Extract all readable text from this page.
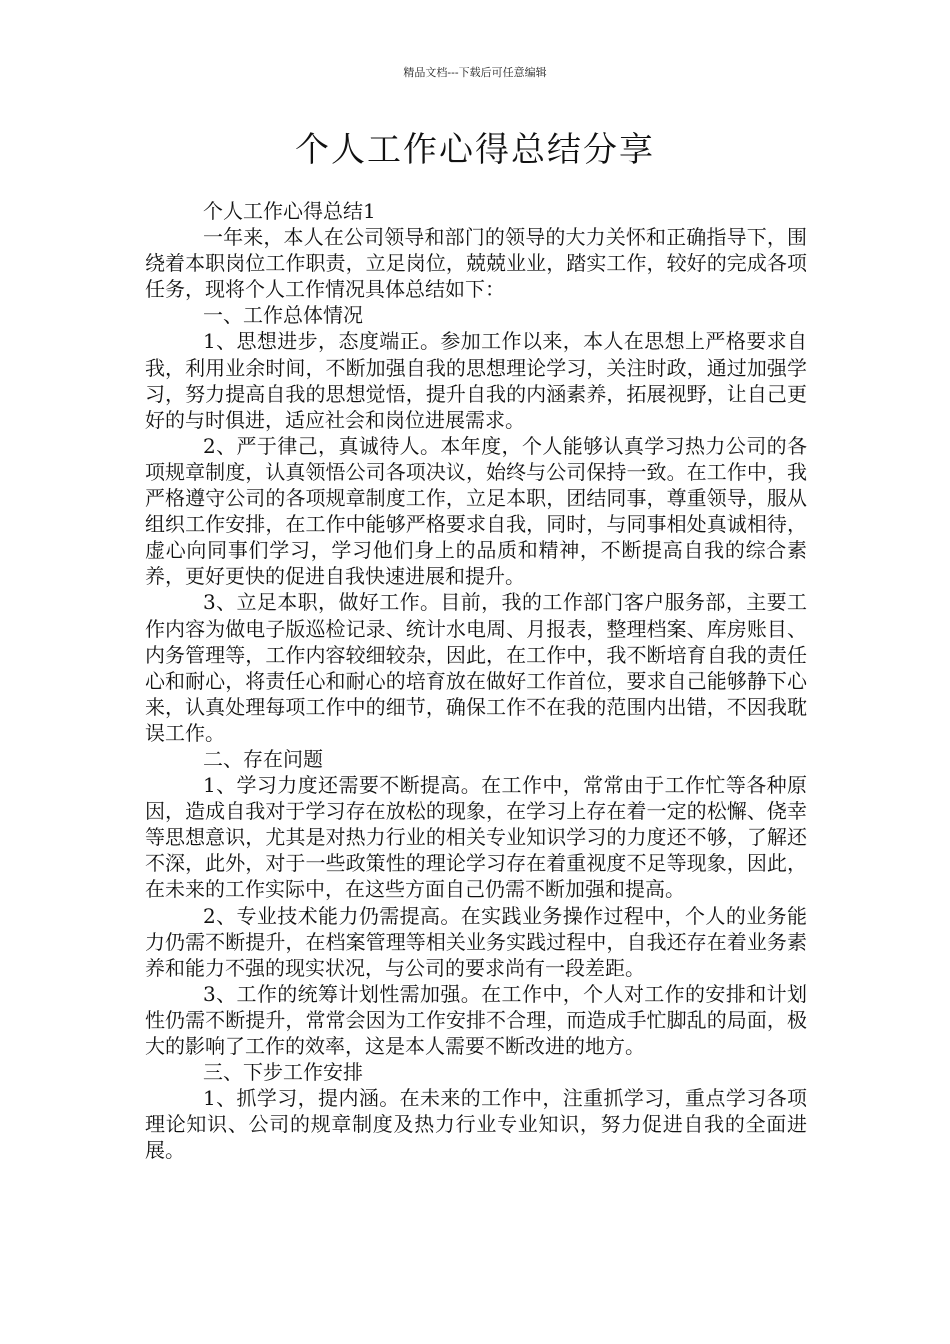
精品文档---下载后可任意编辑
个人工作心得总结分享

个人工作心得总结1

一年来，本人在公司领导和部门的领导的大力关怀和正确指导下，围绕着本职岗位工作职责，立足岗位，兢兢业业，踏实工作，较好的完成各项任务，现将个人工作情况具体总结如下：

一、工作总体情况

1、思想进步，态度端正。参加工作以来，本人在思想上严格要求自我，利用业余时间，不断加强自我的思想理论学习，关注时政，通过加强学习，努力提高自我的思想觉悟，提升自我的内涵素养，拓展视野，让自己更好的与时俱进，适应社会和岗位进展需求。

2、严于律己，真诚待人。本年度，个人能够认真学习热力公司的各项规章制度，认真领悟公司各项决议，始终与公司保持一致。在工作中，我严格遵守公司的各项规章制度工作，立足本职，团结同事，尊重领导，服从组织工作安排，在工作中能够严格要求自我，同时，与同事相处真诚相待，虚心向同事们学习，学习他们身上的品质和精神，不断提高自我的综合素养，更好更快的促进自我快速进展和提升。

3、立足本职，做好工作。目前，我的工作部门客户服务部，主要工作内容为做电子版巡检记录、统计水电周、月报表，整理档案、库房账目、内务管理等，工作内容较细较杂，因此，在工作中，我不断培育自我的责任心和耐心，将责任心和耐心的培育放在做好工作首位，要求自己能够静下心来，认真处理每项工作中的细节，确保工作不在我的范围内出错，不因我耽误工作。

二、存在问题

1、学习力度还需要不断提高。在工作中，常常由于工作忙等各种原因，造成自我对于学习存在放松的现象，在学习上存在着一定的松懈、侥幸等思想意识，尤其是对热力行业的相关专业知识学习的力度还不够，了解还不深，此外，对于一些政策性的理论学习存在着重视度不足等现象，因此，在未来的工作实际中，在这些方面自己仍需不断加强和提高。

2、专业技术能力仍需提高。在实践业务操作过程中，个人的业务能力仍需不断提升，在档案管理等相关业务实践过程中，自我还存在着业务素养和能力不强的现实状况，与公司的要求尚有一段差距。

3、工作的统筹计划性需加强。在工作中，个人对工作的安排和计划性仍需不断提升，常常会因为工作安排不合理，而造成手忙脚乱的局面，极大的影响了工作的效率，这是本人需要不断改进的地方。

三、下步工作安排

1、抓学习，提内涵。在未来的工作中，注重抓学习，重点学习各项理论知识、公司的规章制度及热力行业专业知识，努力促进自我的全面进展。
